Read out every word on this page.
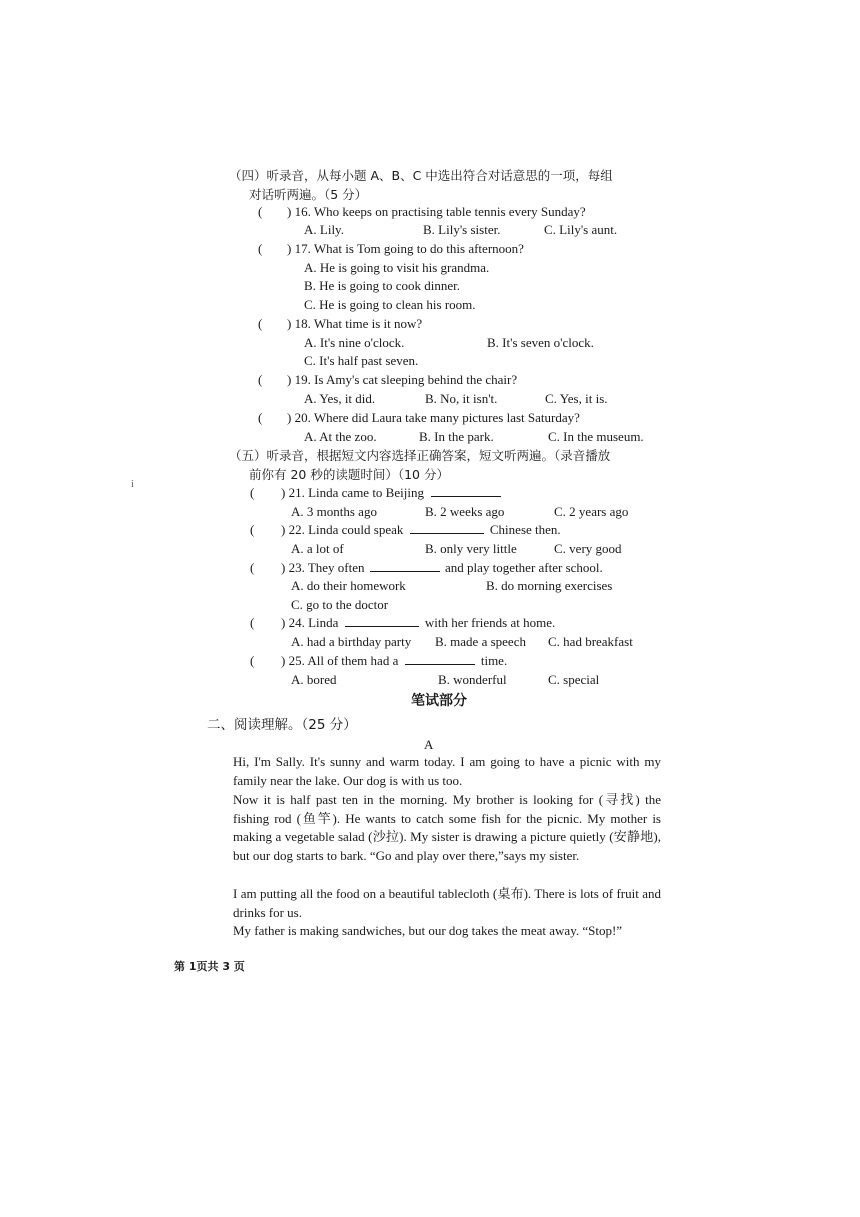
（四）听录音，从每小题 A、B、C 中选出符合对话意思的一项，每组
对话听两遍。（5 分）
( ) 16. Who keeps on practising table tennis every Sunday?
A. Lily.	B. Lily's sister.	C. Lily's aunt.
( ) 17. What is Tom going to do this afternoon?
A. He is going to visit his grandma.
B. He is going to cook dinner.
C. He is going to clean his room.
( ) 18. What time is it now?
A. It's nine o'clock.	B. It's seven o'clock.
C. It's half past seven.
( ) 19. Is Amy's cat sleeping behind the chair?
A. Yes, it did.	B. No, it isn't.	C. Yes, it is.
( ) 20. Where did Laura take many pictures last Saturday?
A. At the zoo.	B. In the park.	C. In the museum.
（五）听录音，根据短文内容选择正确答案，短文听两遍。（录音播放
前你有 20 秒的读题时间）（10 分）
i
( ) 21. Linda came to Beijing
A. 3 months ago	B. 2 weeks ago	C. 2 years ago
( ) 22. Linda could speak	Chinese then.
A. a lot of	B. only very little	C. very good
( ) 23. They often	and play together after school.
A. do their homework	B. do morning exercises
C. go to the doctor
( ) 24. Linda	with her friends at home.
A. had a birthday party B. made a speech C. had breakfast
( ) 25. All of them had a	time.
A. bored	B. wonderful	C. special
笔试部分
二、阅读理解。（25 分）
A
Hi, I'm Sally. It's sunny and warm today. I am going to have a picnic with my family near the lake. Our dog is with us too.
Now it is half past ten in the morning. My brother is looking for (寻找) the fishing rod (鱼竿). He wants to catch some fish for the picnic. My mother is making a vegetable salad (沙拉). My sister is drawing a picture quietly (安静地), but our dog starts to bark. “Go and play over there,”says my sister.
I am putting all the food on a beautiful tablecloth (桌布). There is lots of fruit and drinks for us.
My father is making sandwiches, but our dog takes the meat away. “Stop!”
第 1页共 3 页
